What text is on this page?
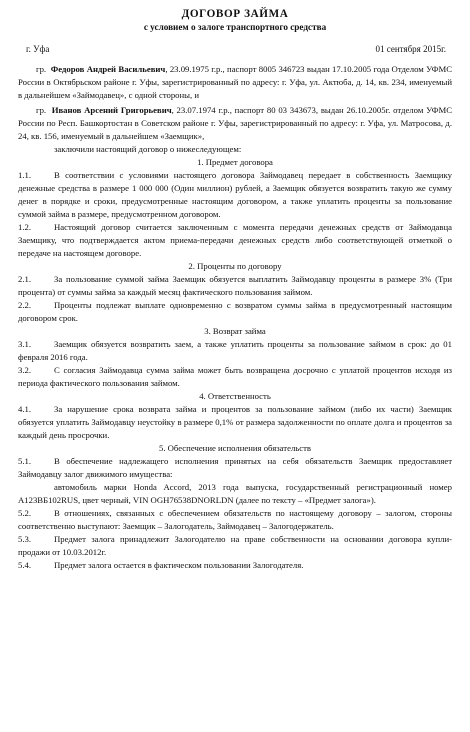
ДОГОВОР ЗАЙМА
с условием о залоге транспортного средства
г. Уфа	01 сентября 2015г.

гр. Федоров Андрей Васильевич, 23.09.1975 г.р., паспорт 8005 346723 выдан 17.10.2005 года Отделом УФМС России в Октябрьском районе г. Уфы, зарегистрированный по адресу: г. Уфа, ул. Актюба, д. 14, кв. 234, именуемый в дальнейшем «Займодавец», с одной стороны, и

гр. Иванов Арсений Григорьевич, 23.07.1974 г.р., паспорт 80 03 343673, выдан 26.10.2005г. отделом УФМС России по Респ. Башкортостан в Советском районе г. Уфы, зарегистрированный по адресу: г. Уфа, ул. Матросова, д. 24, кв. 156, именуемый в дальнейшем «Заемщик»,

заключили настоящий договор о нижеследующем:

1. Предмет договора

1.1.	В соответствии с условиями настоящего договора Займодавец передает в собственность Заемщику денежные средства в размере 1 000 000 (Один миллион) рублей, а Заемщик обязуется возвратить такую же сумму денег в порядке и сроки, предусмотренные настоящим договором, а также уплатить проценты за пользование суммой займа в размере, предусмотренном договором.

1.2.	Настоящий договор считается заключенным с момента передачи денежных средств от Займодавца Заемщику, что подтверждается актом приема-передачи денежных средств либо соответствующей отметкой о передаче на настоящем договоре.

2. Проценты по договору

2.1.	За пользование суммой займа Заемщик обязуется выплатить Займодавцу проценты в размере 3% (Три процента) от суммы займа за каждый месяц фактического пользования займом.

2.2.	Проценты подлежат выплате одновременно с возвратом суммы займа в предусмотренный настоящим договором срок.

3. Возврат займа

3.1.	Заемщик обязуется возвратить заем, а также уплатить проценты за пользование займом в срок: до 01 февраля 2016 года.

3.2.	С согласия Займодавца сумма займа может быть возвращена досрочно с уплатой процентов исходя из периода фактического пользования займом.

4. Ответственность

4.1.	За нарушение срока возврата займа и процентов за пользование займом (либо их части) Заемщик обязуется уплатить Займодавцу неустойку в размере 0,1% от размера задолженности по оплате долга и процентов за каждый день просрочки.

5. Обеспечение исполнения обязательств

5.1.	В обеспечение надлежащего исполнения принятых на себя обязательств Заемщик предоставляет Займодавцу залог движимого имущества:

автомобиль марки Honda Accord, 2013 года выпуска, государственный регистрационный номер А123ВБ102RUS, цвет черный, VIN OGH76538DNORLDN (далее по тексту – «Предмет залога»).

5.2.	В отношениях, связанных с обеспечением обязательств по настоящему договору – залогом, стороны соответственно выступают: Заемщик – Залогодатель, Займодавец – Залогодержатель.

5.3.	Предмет залога принадлежит Залогодателю на праве собственности на основании договора купли-продажи от 10.03.2012г.

5.4.	Предмет залога остается в фактическом пользовании Залогодателя.
